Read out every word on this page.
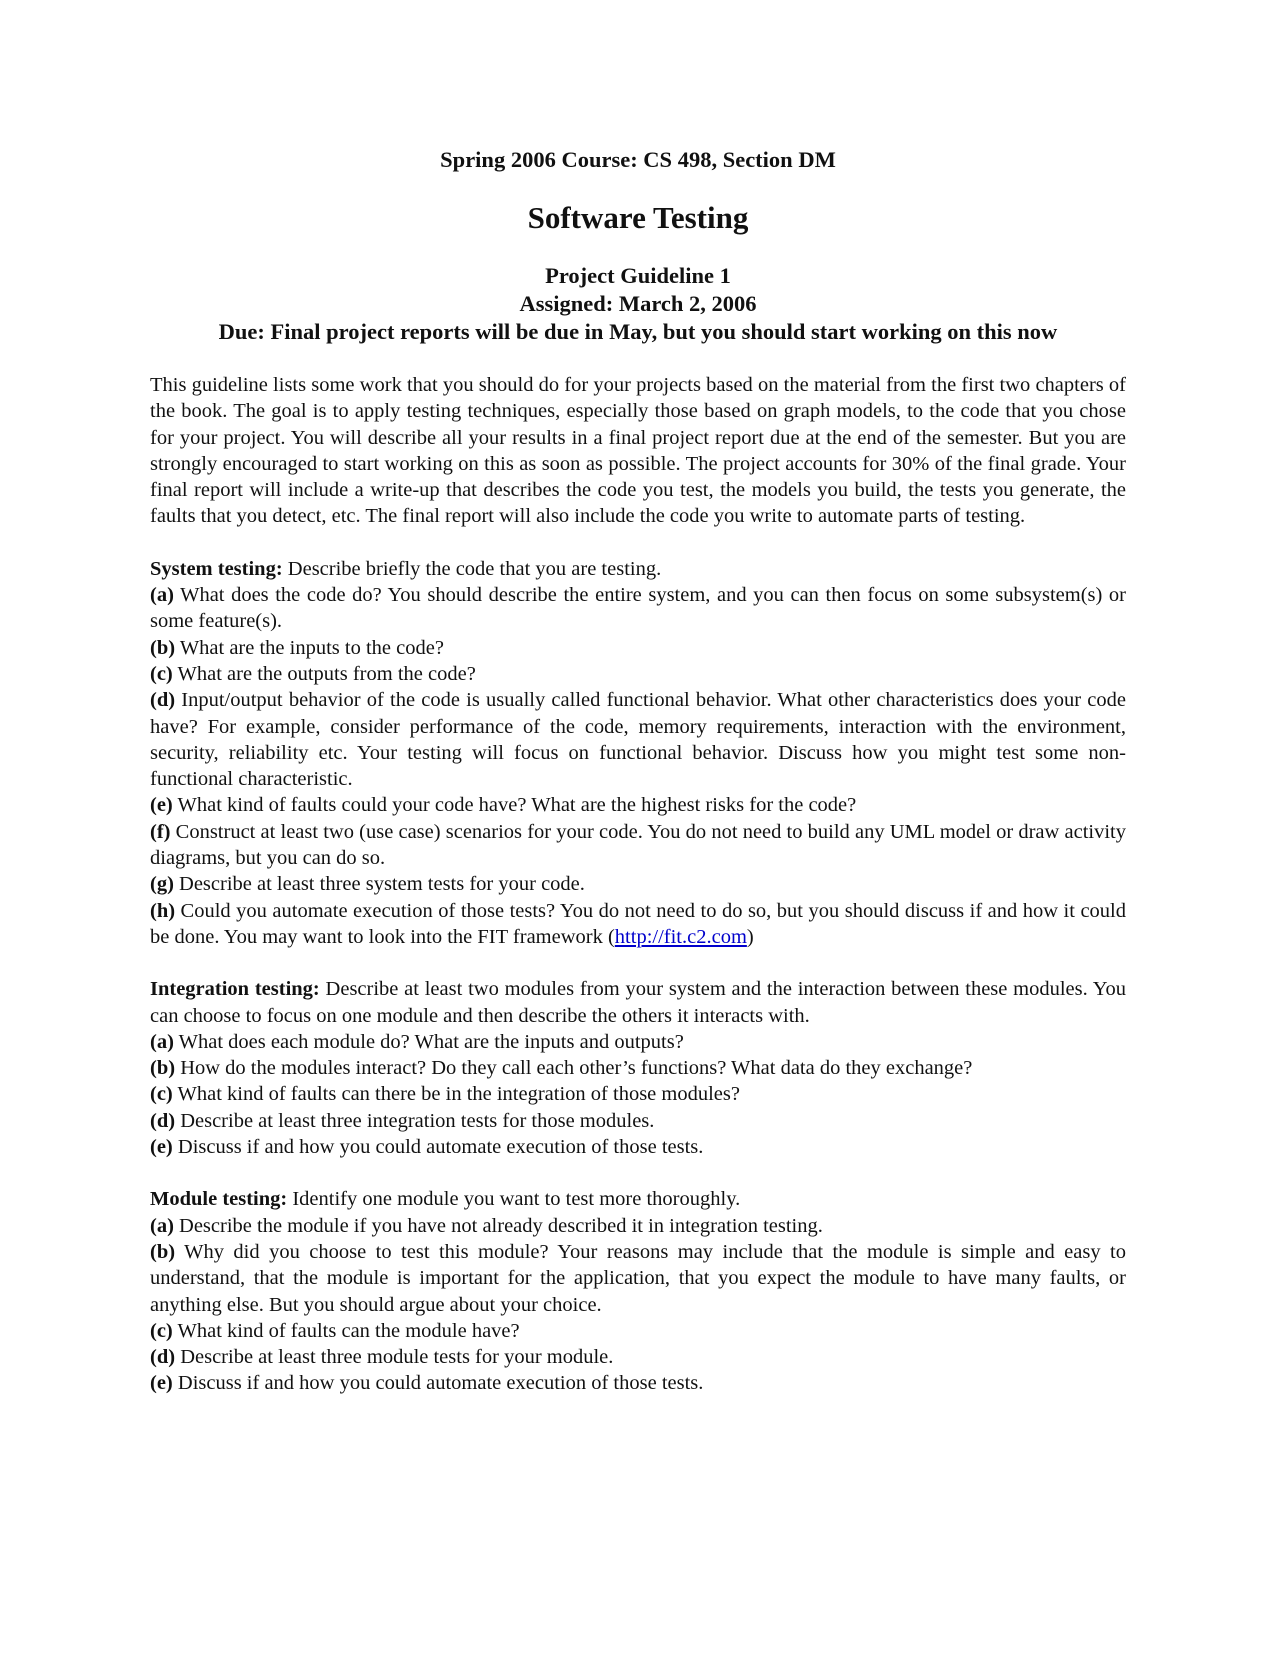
Spring 2006 Course: CS 498, Section DM

Software Testing

Project Guideline 1

Assigned: March 2, 2006

Due: Final project reports will be due in May, but you should start working on this now

This guideline lists some work that you should do for your projects based on the material from the first two chapters of the book. The goal is to apply testing techniques, especially those based on graph models, to the code that you chose for your project. You will describe all your results in a final project report due at the end of the semester. But you are strongly encouraged to start working on this as soon as possible. The project accounts for 30% of the final grade. Your final report will include a write-up that describes the code you test, the models you build, the tests you generate, the faults that you detect, etc. The final report will also include the code you write to automate parts of testing.

System testing: Describe briefly the code that you are testing.

(a) What does the code do? You should describe the entire system, and you can then focus on some subsystem(s) or some feature(s).

(b) What are the inputs to the code?

(c) What are the outputs from the code?

(d) Input/output behavior of the code is usually called functional behavior. What other characteristics does your code have? For example, consider performance of the code, memory requirements, interaction with the environment, security, reliability etc. Your testing will focus on functional behavior. Discuss how you might test some non-functional characteristic.

(e) What kind of faults could your code have? What are the highest risks for the code?

(f) Construct at least two (use case) scenarios for your code. You do not need to build any UML model or draw activity diagrams, but you can do so.

(g) Describe at least three system tests for your code.

(h) Could you automate execution of those tests? You do not need to do so, but you should discuss if and how it could be done. You may want to look into the FIT framework (http://fit.c2.com)

Integration testing: Describe at least two modules from your system and the interaction between these modules. You can choose to focus on one module and then describe the others it interacts with.

(a) What does each module do? What are the inputs and outputs?

(b) How do the modules interact? Do they call each other’s functions? What data do they exchange?

(c) What kind of faults can there be in the integration of those modules?

(d) Describe at least three integration tests for those modules.

(e) Discuss if and how you could automate execution of those tests.

Module testing: Identify one module you want to test more thoroughly.

(a) Describe the module if you have not already described it in integration testing.

(b) Why did you choose to test this module? Your reasons may include that the module is simple and easy to understand, that the module is important for the application, that you expect the module to have many faults, or anything else. But you should argue about your choice.

(c) What kind of faults can the module have?

(d) Describe at least three module tests for your module.

(e) Discuss if and how you could automate execution of those tests.
